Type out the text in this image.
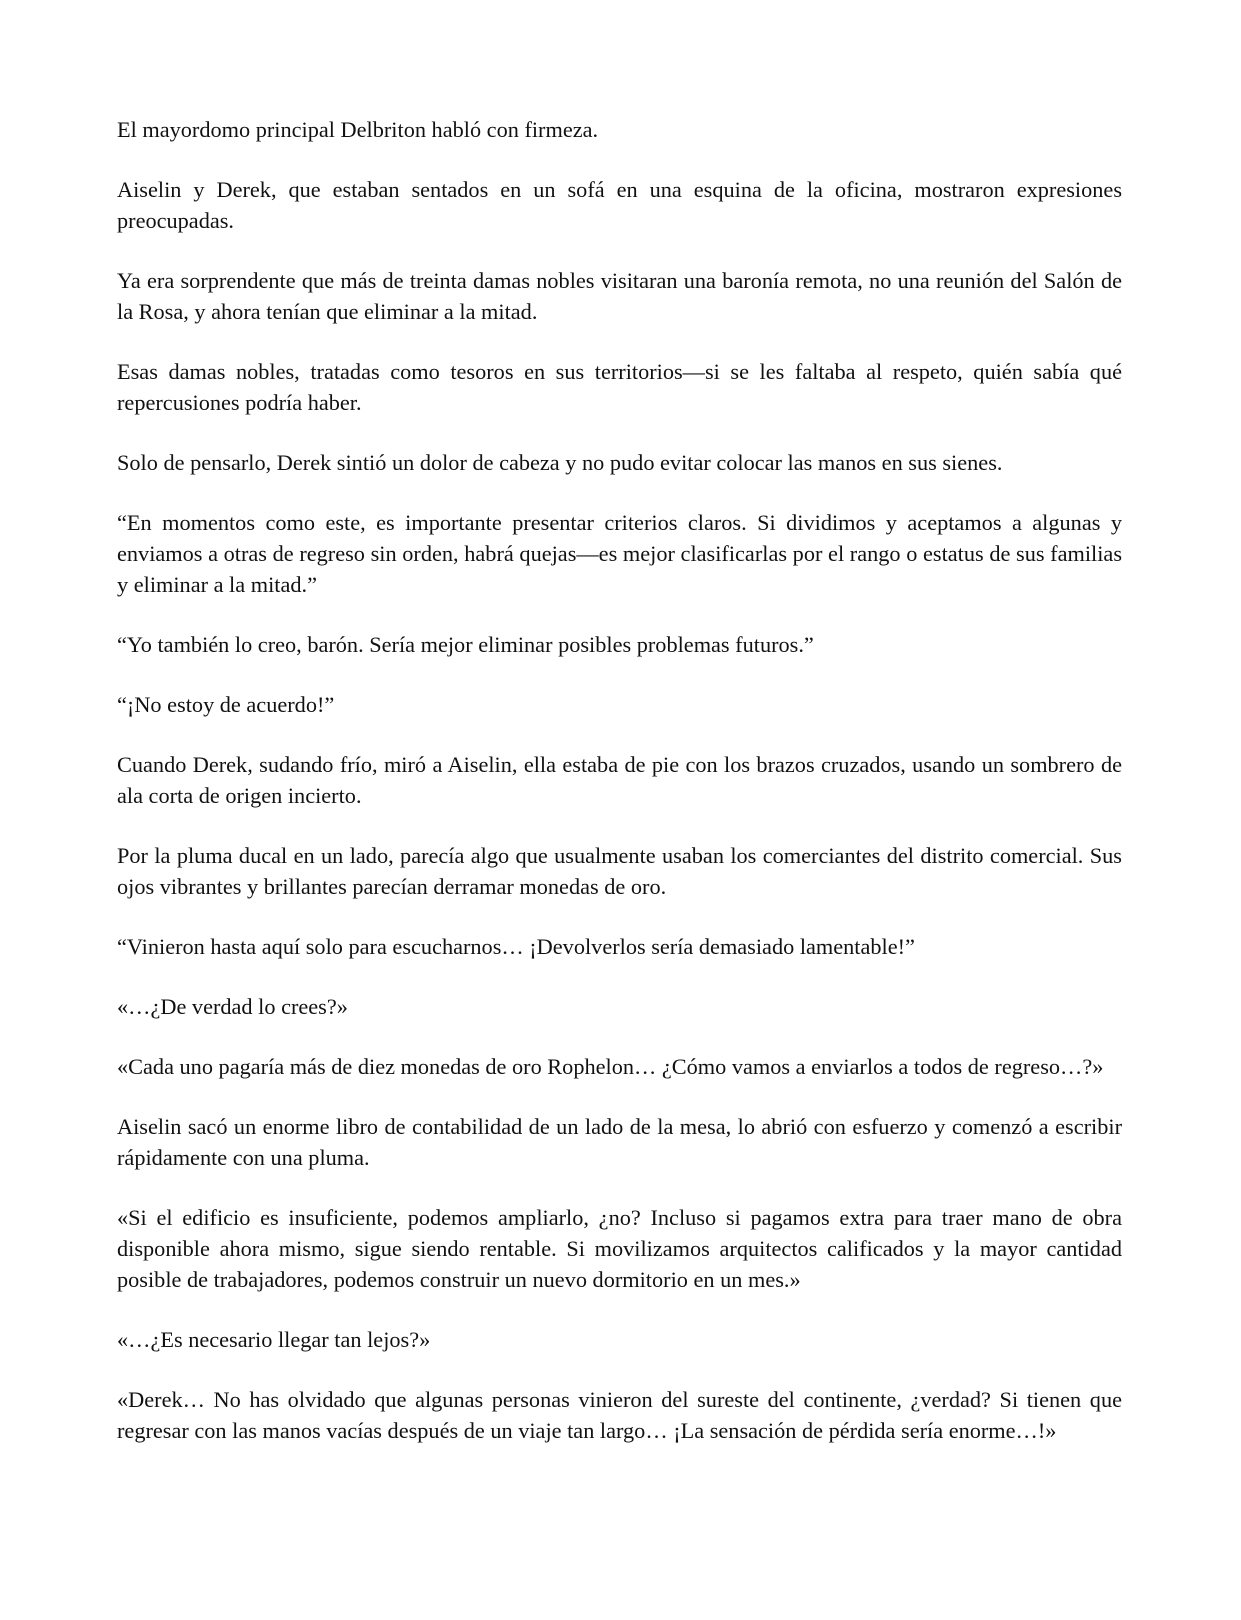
El mayordomo principal Delbriton habló con firmeza.

Aiselin y Derek, que estaban sentados en un sofá en una esquina de la oficina, mostraron expresiones preocupadas.

Ya era sorprendente que más de treinta damas nobles visitaran una baronía remota, no una reunión del Salón de la Rosa, y ahora tenían que eliminar a la mitad.

Esas damas nobles, tratadas como tesoros en sus territorios—si se les faltaba al respeto, quién sabía qué repercusiones podría haber.

Solo de pensarlo, Derek sintió un dolor de cabeza y no pudo evitar colocar las manos en sus sienes.

“En momentos como este, es importante presentar criterios claros. Si dividimos y aceptamos a algunas y enviamos a otras de regreso sin orden, habrá quejas—es mejor clasificarlas por el rango o estatus de sus familias y eliminar a la mitad.”

“Yo también lo creo, barón. Sería mejor eliminar posibles problemas futuros.”

“¡No estoy de acuerdo!”

Cuando Derek, sudando frío, miró a Aiselin, ella estaba de pie con los brazos cruzados, usando un sombrero de ala corta de origen incierto.

Por la pluma ducal en un lado, parecía algo que usualmente usaban los comerciantes del distrito comercial. Sus ojos vibrantes y brillantes parecían derramar monedas de oro.

“Vinieron hasta aquí solo para escucharnos… ¡Devolverlos sería demasiado lamentable!”

«…¿De verdad lo crees?»

«Cada uno pagaría más de diez monedas de oro Rophelon… ¿Cómo vamos a enviarlos a todos de regreso…?»

Aiselin sacó un enorme libro de contabilidad de un lado de la mesa, lo abrió con esfuerzo y comenzó a escribir rápidamente con una pluma.

«Si el edificio es insuficiente, podemos ampliarlo, ¿no? Incluso si pagamos extra para traer mano de obra disponible ahora mismo, sigue siendo rentable. Si movilizamos arquitectos calificados y la mayor cantidad posible de trabajadores, podemos construir un nuevo dormitorio en un mes.»

«…¿Es necesario llegar tan lejos?»

«Derek… No has olvidado que algunas personas vinieron del sureste del continente, ¿verdad? Si tienen que regresar con las manos vacías después de un viaje tan largo… ¡La sensación de pérdida sería enorme…!»
